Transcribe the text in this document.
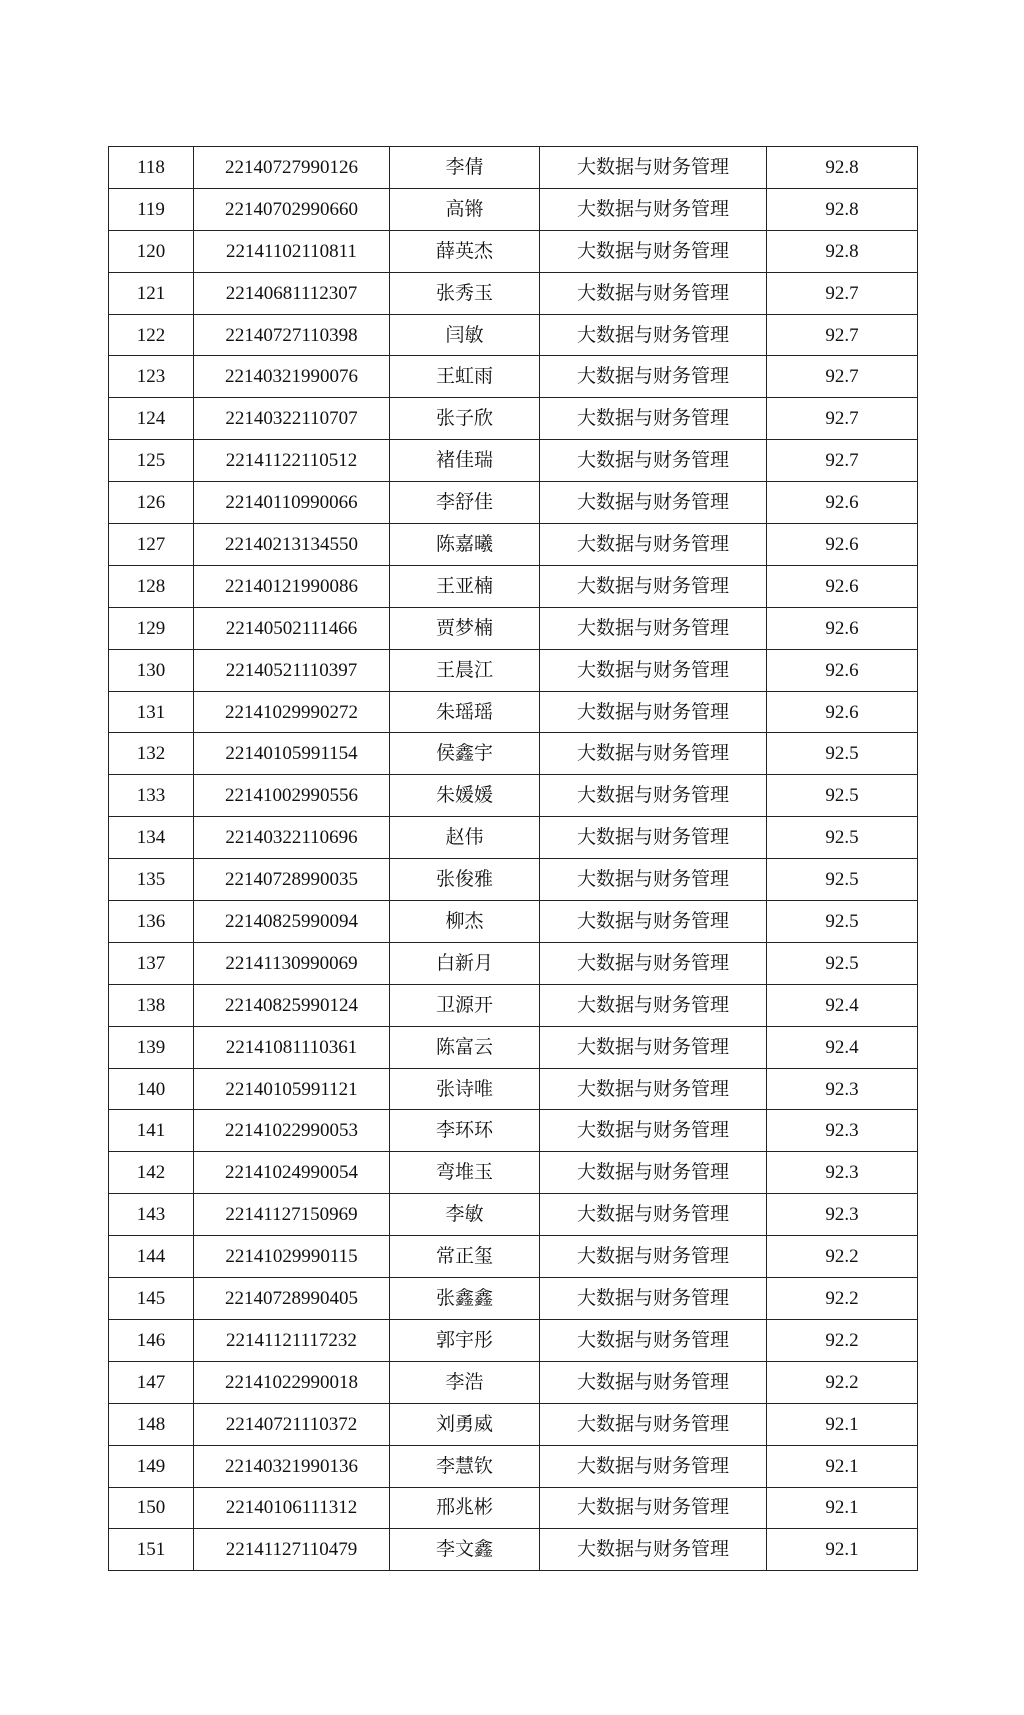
118	22140727990126	李倩	大数据与财务管理	92.8
119	22140702990660	高锵	大数据与财务管理	92.8
120	22141102110811	薛英杰	大数据与财务管理	92.8
121	22140681112307	张秀玉	大数据与财务管理	92.7
122	22140727110398	闫敏	大数据与财务管理	92.7
123	22140321990076	王虹雨	大数据与财务管理	92.7
124	22140322110707	张子欣	大数据与财务管理	92.7
125	22141122110512	褚佳瑞	大数据与财务管理	92.7
126	22140110990066	李舒佳	大数据与财务管理	92.6
127	22140213134550	陈嘉曦	大数据与财务管理	92.6
128	22140121990086	王亚楠	大数据与财务管理	92.6
129	22140502111466	贾梦楠	大数据与财务管理	92.6
130	22140521110397	王晨江	大数据与财务管理	92.6
131	22141029990272	朱瑶瑶	大数据与财务管理	92.6
132	22140105991154	侯鑫宇	大数据与财务管理	92.5
133	22141002990556	朱媛媛	大数据与财务管理	92.5
134	22140322110696	赵伟	大数据与财务管理	92.5
135	22140728990035	张俊雅	大数据与财务管理	92.5
136	22140825990094	柳杰	大数据与财务管理	92.5
137	22141130990069	白新月	大数据与财务管理	92.5
138	22140825990124	卫源开	大数据与财务管理	92.4
139	22141081110361	陈富云	大数据与财务管理	92.4
140	22140105991121	张诗唯	大数据与财务管理	92.3
141	22141022990053	李环环	大数据与财务管理	92.3
142	22141024990054	弯堆玉	大数据与财务管理	92.3
143	22141127150969	李敏	大数据与财务管理	92.3
144	22141029990115	常正玺	大数据与财务管理	92.2
145	22140728990405	张鑫鑫	大数据与财务管理	92.2
146	22141121117232	郭宇彤	大数据与财务管理	92.2
147	22141022990018	李浩	大数据与财务管理	92.2
148	22140721110372	刘勇威	大数据与财务管理	92.1
149	22140321990136	李慧钦	大数据与财务管理	92.1
150	22140106111312	邢兆彬	大数据与财务管理	92.1
151	22141127110479	李文鑫	大数据与财务管理	92.1
